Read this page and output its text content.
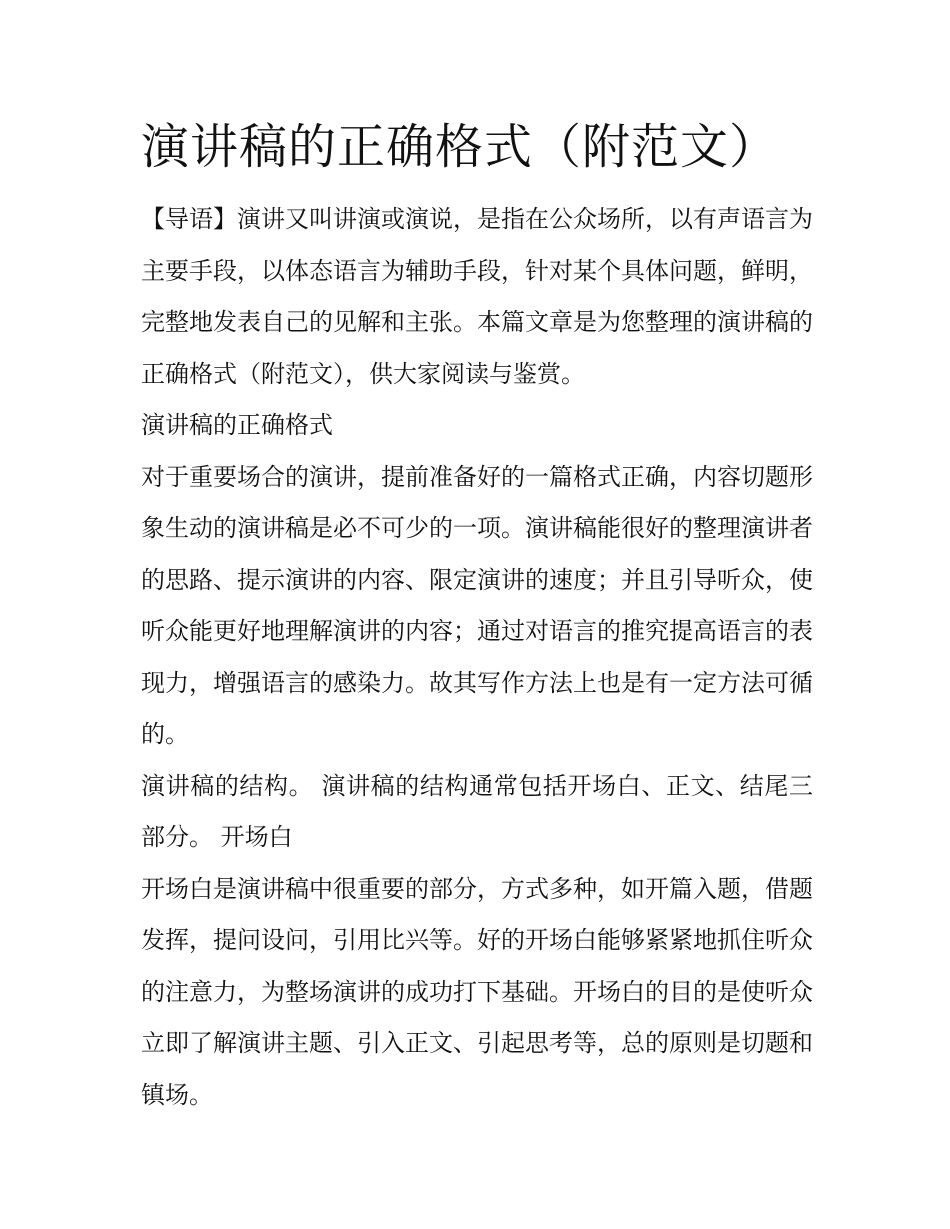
演讲稿的正确格式（附范文）

【导语】演讲又叫讲演或演说，是指在公众场所，以有声语言为主要手段，以体态语言为辅助手段，针对某个具体问题，鲜明，完整地发表自己的见解和主张。本篇文章是为您整理的演讲稿的正确格式（附范文），供大家阅读与鉴赏。

演讲稿的正确格式

对于重要场合的演讲，提前准备好的一篇格式正确，内容切题形象生动的演讲稿是必不可少的一项。演讲稿能很好的整理演讲者的思路、提示演讲的内容、限定演讲的速度；并且引导听众，使听众能更好地理解演讲的内容；通过对语言的推究提高语言的表现力，增强语言的感染力。故其写作方法上也是有一定方法可循的。

演讲稿的结构。 演讲稿的结构通常包括开场白、正文、结尾三部分。 开场白

开场白是演讲稿中很重要的部分，方式多种，如开篇入题，借题发挥，提问设问，引用比兴等。好的开场白能够紧紧地抓住听众的注意力，为整场演讲的成功打下基础。开场白的目的是使听众立即了解演讲主题、引入正文、引起思考等，总的原则是切题和镇场。
